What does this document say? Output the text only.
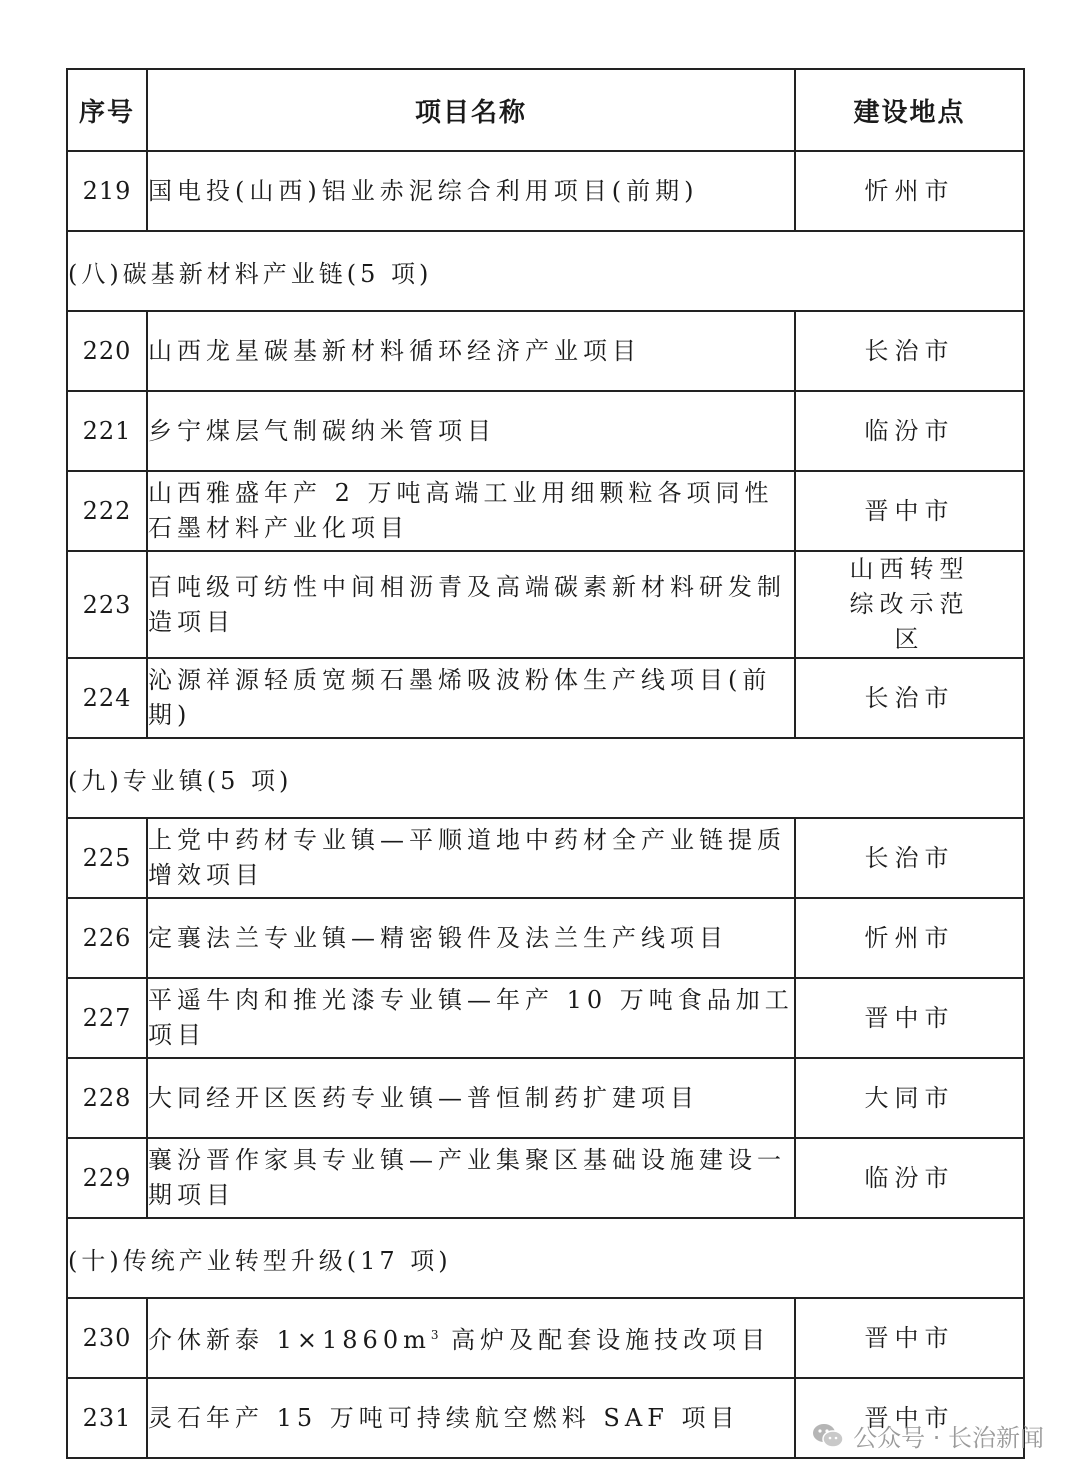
序号	项目名称	建设地点
219	国电投(山西)铝业赤泥综合利用项目(前期)	忻州市
(八)碳基新材料产业链(5 项)		
220	山西龙星碳基新材料循环经济产业项目	长治市
221	乡宁煤层气制碳纳米管项目	临汾市
222	山西雅盛年产 2 万吨高端工业用细颗粒各项同性石墨材料产业化项目	晋中市
223	百吨级可纺性中间相沥青及高端碳素新材料研发制造项目	山西转型综改示范区
224	沁源祥源轻质宽频石墨烯吸波粉体生产线项目(前期)	长治市
(九)专业镇(5 项)		
225	上党中药材专业镇—平顺道地中药材全产业链提质增效项目	长治市
226	定襄法兰专业镇—精密锻件及法兰生产线项目	忻州市
227	平遥牛肉和推光漆专业镇—年产 10 万吨食品加工项目	晋中市
228	大同经开区医药专业镇—普恒制药扩建项目	大同市
229	襄汾晋作家具专业镇—产业集聚区基础设施建设一期项目	临汾市
(十)传统产业转型升级(17 项)		
230	介休新泰 $1\times 1860m^3$ 高炉及配套设施技改项目	晋中市
231	灵石年产 15 万吨可持续航空燃料 SAF 项目	晋中市
公众号 · 长治新闻
